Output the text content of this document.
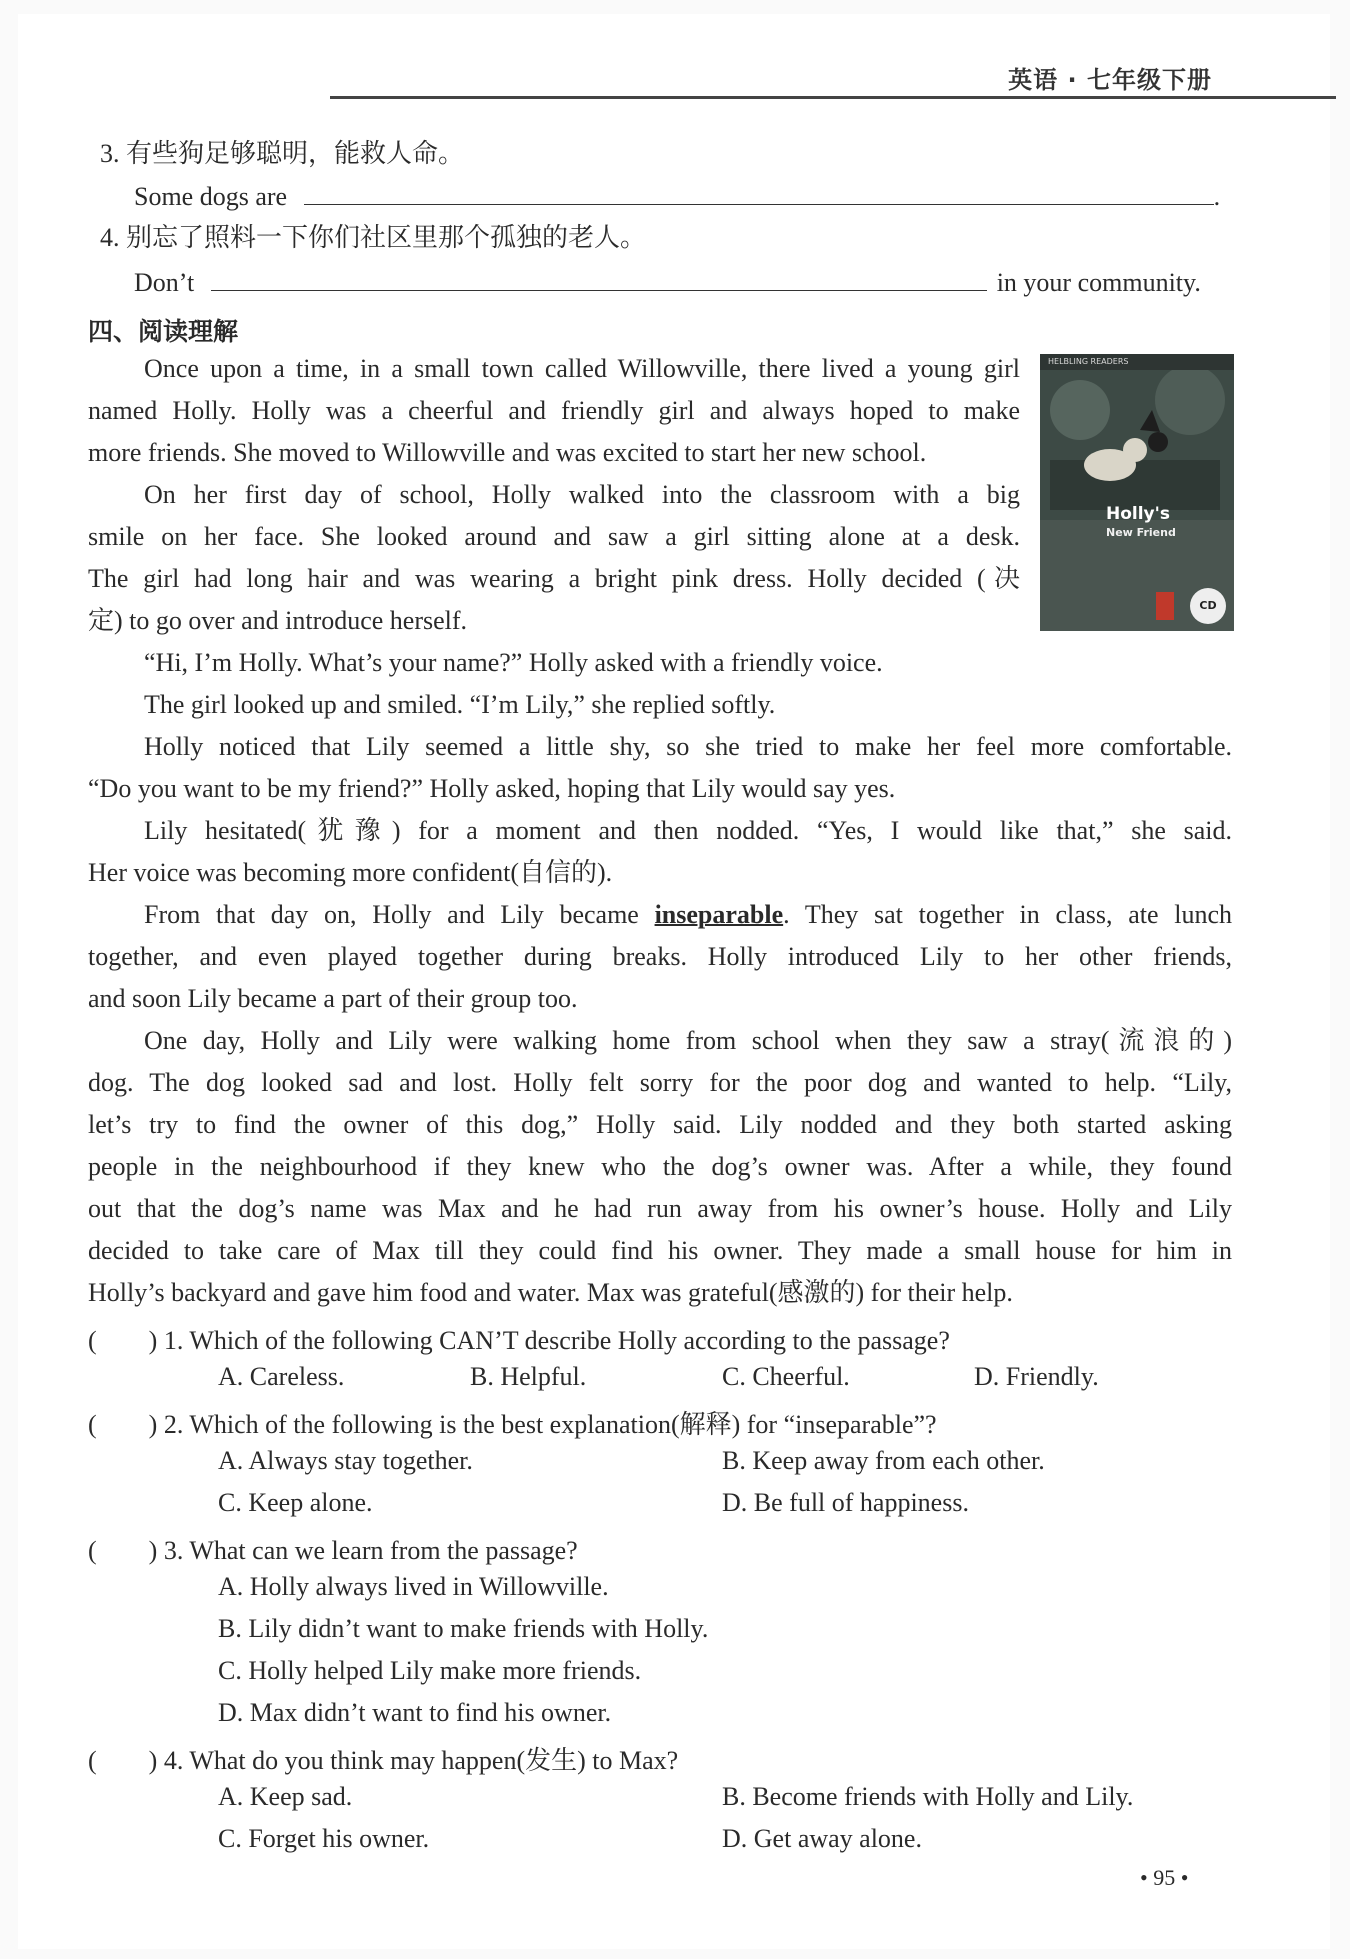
英语 · 七年级下册
3. 有些狗足够聪明，能救人命。
Some dogs are	.
4. 别忘了照料一下你们社区里那个孤独的老人。
Don’t	in your community.
四、阅读理解
HELBLING READERS
Holly's
New Friend
CD
Once upon a time, in a small town called Willowville, there lived a young girl
named Holly. Holly was a cheerful and friendly girl and always hoped to make
more friends. She moved to Willowville and was excited to start her new school.
On her first day of school, Holly walked into the classroom with a big
smile on her face. She looked around and saw a girl sitting alone at a desk.
The girl had long hair and was wearing a bright pink dress. Holly decided (决
定) to go over and introduce herself.
“Hi, I’m Holly. What’s your name?” Holly asked with a friendly voice.
The girl looked up and smiled. “I’m Lily,” she replied softly.
Holly noticed that Lily seemed a little shy, so she tried to make her feel more comfortable.
“Do you want to be my friend?” Holly asked, hoping that Lily would say yes.
Lily hesitated(犹豫) for a moment and then nodded. “Yes, I would like that,” she said.
Her voice was becoming more confident(自信的).
From that day on, Holly and Lily became inseparable. They sat together in class, ate lunch
together, and even played together during breaks. Holly introduced Lily to her other friends,
and soon Lily became a part of their group too.
One day, Holly and Lily were walking home from school when they saw a stray(流浪的)
dog. The dog looked sad and lost. Holly felt sorry for the poor dog and wanted to help. “Lily,
let’s try to find the owner of this dog,” Holly said. Lily nodded and they both started asking
people in the neighbourhood if they knew who the dog’s owner was. After a while, they found
out that the dog’s name was Max and he had run away from his owner’s house. Holly and Lily
decided to take care of Max till they could find his owner. They made a small house for him in
Holly’s backyard and gave him food and water. Max was grateful(感激的) for their help.
(　　) 1. Which of the following CAN’T describe Holly according to the passage?
A. Careless.	B. Helpful.	C. Cheerful.	D. Friendly.
(　　) 2. Which of the following is the best explanation(解释) for “inseparable”?
A. Always stay together.	B. Keep away from each other.
C. Keep alone.	D. Be full of happiness.
(　　) 3. What can we learn from the passage?
A. Holly always lived in Willowville.
B. Lily didn’t want to make friends with Holly.
C. Holly helped Lily make more friends.
D. Max didn’t want to find his owner.
(　　) 4. What do you think may happen(发生) to Max?
A. Keep sad.	B. Become friends with Holly and Lily.
C. Forget his owner.	D. Get away alone.
• 95 •
